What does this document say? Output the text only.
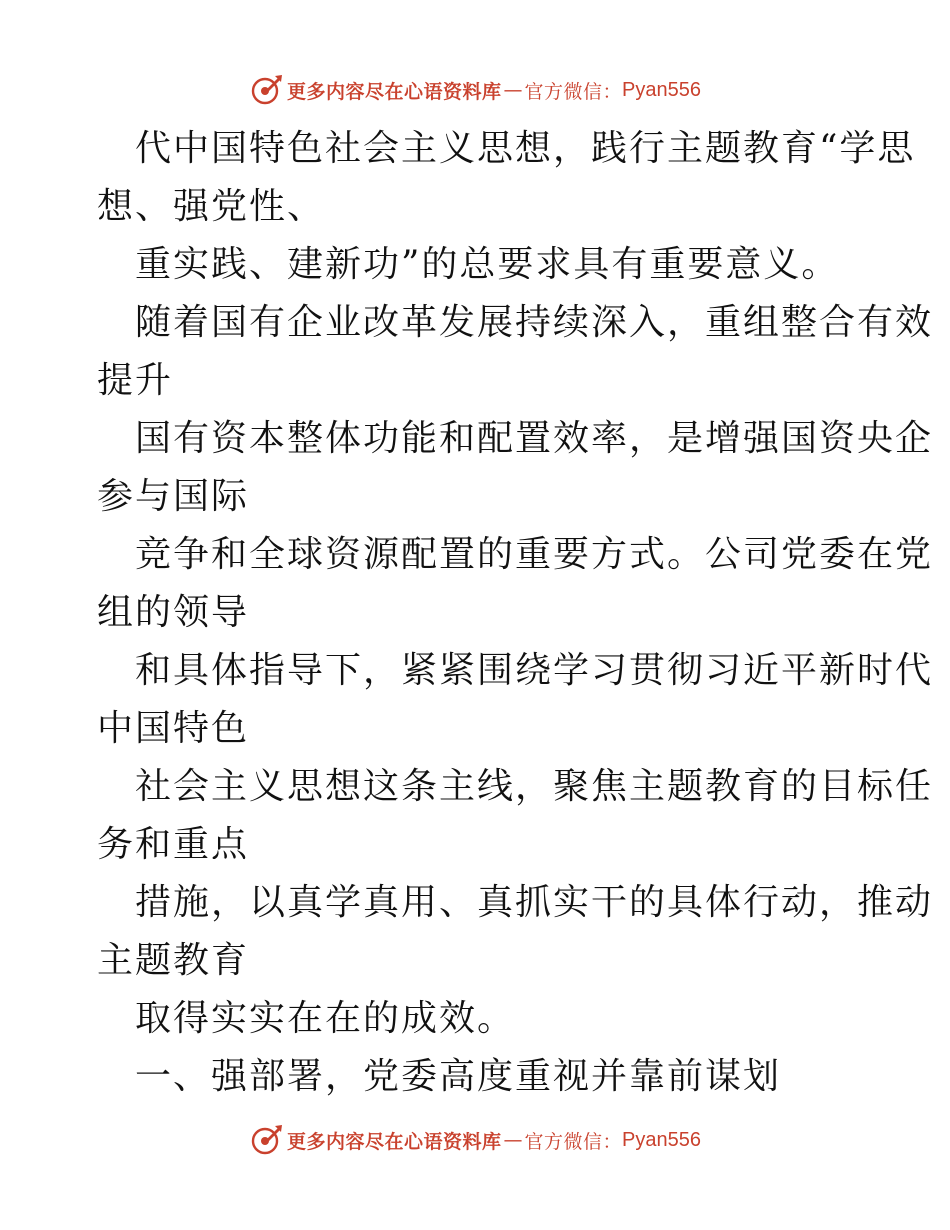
更多内容尽在心语资料库 — 官方微信： Pyan556
代中国特色社会主义思想，践行主题教育“学思
想、强党性、
重实践、建新功”的总要求具有重要意义。
随着国有企业改革发展持续深入，重组整合有效
提升
国有资本整体功能和配置效率，是增强国资央企
参与国际
竞争和全球资源配置的重要方式。公司党委在党
组的领导
和具体指导下，紧紧围绕学习贯彻习近平新时代
中国特色
社会主义思想这条主线，聚焦主题教育的目标任
务和重点
措施，以真学真用、真抓实干的具体行动，推动
主题教育
取得实实在在的成效。
一、强部署，党委高度重视并靠前谋划
更多内容尽在心语资料库 — 官方微信： Pyan556
